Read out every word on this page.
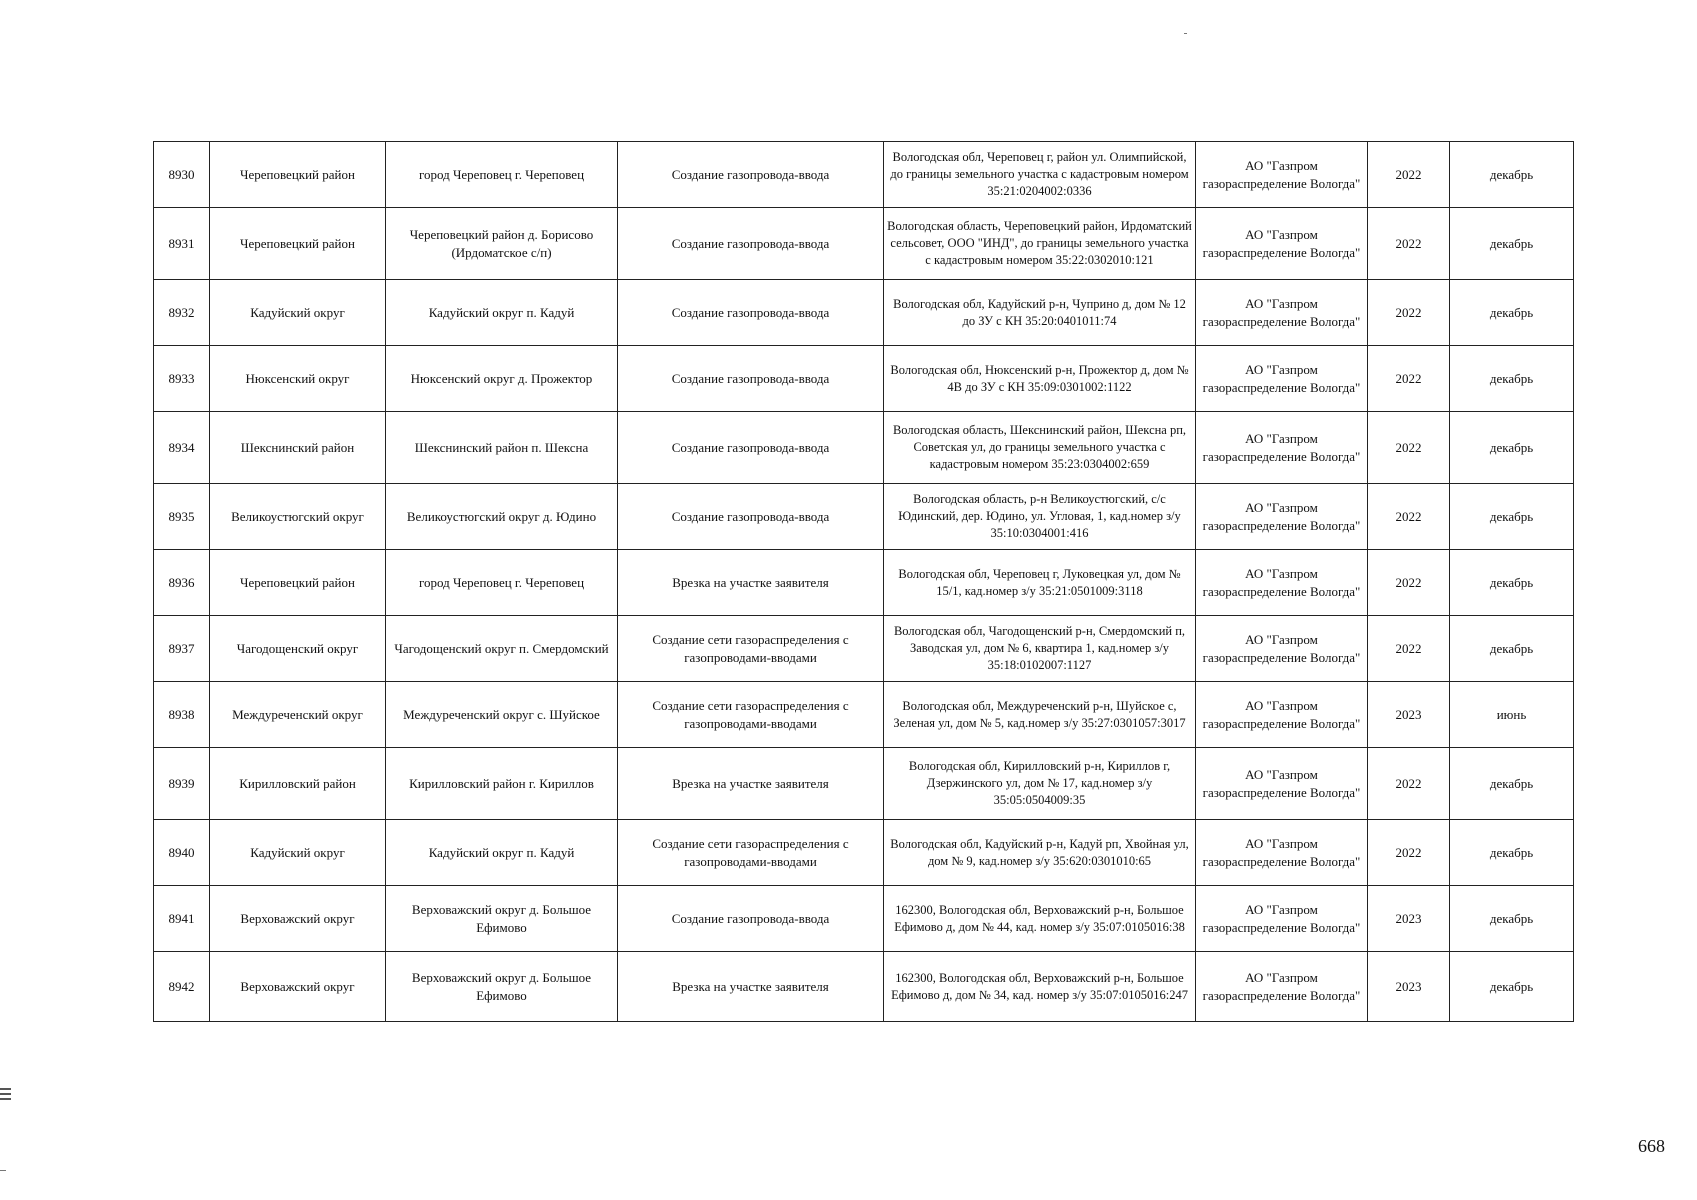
8930	Череповецкий район	город Череповец г. Череповец	Создание газопровода-ввода	Вологодская обл, Череповец г, район ул. Олимпийской, до границы земельного участка с кадастровым номером 35:21:0204002:0336	АО "Газпром газораспределение Вологда"	2022	декабрь
8931	Череповецкий район	Череповецкий район д. Борисово (Ирдоматское с/п)	Создание газопровода-ввода	Вологодская область, Череповецкий район, Ирдоматский сельсовет, ООО "ИНД", до границы земельного участка с кадастровым номером 35:22:0302010:121	АО "Газпром газораспределение Вологда"	2022	декабрь
8932	Кадуйский округ	Кадуйский округ п. Кадуй	Создание газопровода-ввода	Вологодская обл, Кадуйский р-н, Чуприно д, дом № 12 до ЗУ с КН 35:20:0401011:74	АО "Газпром газораспределение Вологда"	2022	декабрь
8933	Нюксенский округ	Нюксенский округ д. Прожектор	Создание газопровода-ввода	Вологодская обл, Нюксенский р-н, Прожектор д, дом № 4В до ЗУ с КН 35:09:0301002:1122	АО "Газпром газораспределение Вологда"	2022	декабрь
8934	Шекснинский район	Шекснинский район п. Шексна	Создание газопровода-ввода	Вологодская область, Шекснинский район, Шексна рп, Советская ул, до границы земельного участка с кадастровым номером 35:23:0304002:659	АО "Газпром газораспределение Вологда"	2022	декабрь
8935	Великоустюгский округ	Великоустюгский округ д. Юдино	Создание газопровода-ввода	Вологодская область, р-н Великоустюгский, с/с Юдинский, дер. Юдино, ул. Угловая, 1, кад.номер з/у 35:10:0304001:416	АО "Газпром газораспределение Вологда"	2022	декабрь
8936	Череповецкий район	город Череповец г. Череповец	Врезка на участке заявителя	Вологодская обл, Череповец г, Луковецкая ул, дом № 15/1, кад.номер з/у 35:21:0501009:3118	АО "Газпром газораспределение Вологда"	2022	декабрь
8937	Чагодощенский округ	Чагодощенский округ п. Смердомский	Создание сети газораспределения с газопроводами-вводами	Вологодская обл, Чагодощенский р-н, Смердомский п, Заводская ул, дом № 6, квартира 1, кад.номер з/у 35:18:0102007:1127	АО "Газпром газораспределение Вологда"	2022	декабрь
8938	Междуреченский округ	Междуреченский округ с. Шуйское	Создание сети газораспределения с газопроводами-вводами	Вологодская обл, Междуреченский р-н, Шуйское с, Зеленая ул, дом № 5, кад.номер з/у 35:27:0301057:3017	АО "Газпром газораспределение Вологда"	2023	июнь
8939	Кирилловский район	Кирилловский район г. Кириллов	Врезка на участке заявителя	Вологодская обл, Кирилловский р-н, Кириллов г, Дзержинского ул, дом № 17, кад.номер з/у 35:05:0504009:35	АО "Газпром газораспределение Вологда"	2022	декабрь
8940	Кадуйский округ	Кадуйский округ п. Кадуй	Создание сети газораспределения с газопроводами-вводами	Вологодская обл, Кадуйский р-н, Кадуй рп, Хвойная ул, дом № 9, кад.номер з/у 35:620:0301010:65	АО "Газпром газораспределение Вологда"	2022	декабрь
8941	Верховажский округ	Верховажский округ д. Большое Ефимово	Создание газопровода-ввода	162300, Вологодская обл, Верховажский р-н, Большое Ефимово д, дом № 44, кад. номер з/у 35:07:0105016:38	АО "Газпром газораспределение Вологда"	2023	декабрь
8942	Верховажский округ	Верховажский округ д. Большое Ефимово	Врезка на участке заявителя	162300, Вологодская обл, Верховажский р-н, Большое Ефимово д, дом № 34, кад. номер з/у 35:07:0105016:247	АО "Газпром газораспределение Вологда"	2023	декабрь
668
